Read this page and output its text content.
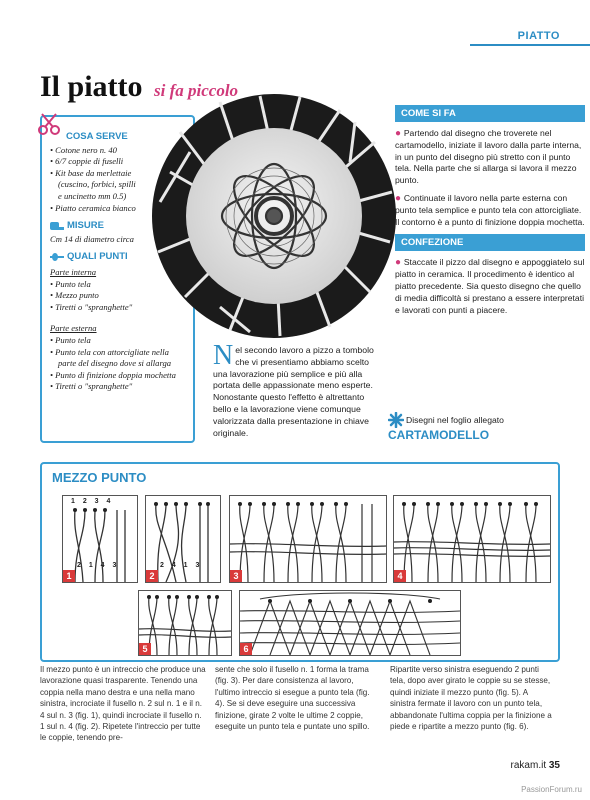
PIATTO
Il piatto si fa piccolo
COSA SERVE
• Cotone nero n. 40
• 6/7 coppie di fuselli
• Kit base da merlettaie
(cuscino, forbici, spilli
e uncinetto mm 0.5)
• Piatto ceramica bianco
MISURE
Cm 14 di diametro circa
QUALI PUNTI
Parte interna
• Punto tela
• Mezzo punto
• Tiretti o "spranghette"
Parte esterna
• Punto tela
• Punto tela con attorcigliate nella
parte del disegno dove si allarga
• Punto di finizione doppia mochetta
• Tiretti o "spranghette"
COME SI FA
● Partendo dal disegno che troverete nel cartamodello, iniziate il lavoro dalla parte interna, in un punto del disegno più stretto con il punto tela. Nella parte che si allarga si lavora il mezzo punto.
● Continuate il lavoro nella parte esterna con punto tela semplice e punto tela con attorcigliate. Il contorno è a punto di finizione doppia mochetta.
CONFEZIONE
● Staccate il pizzo dal disegno e appoggiatelo sul piatto in ceramica. Il procedimento è identico al piatto precedente. Sia questo disegno che quello di media difficoltà si prestano a essere interpretati e lavorati con punti a piacere.
Nel secondo lavoro a pizzo a tombolo che vi presentiamo abbiamo scelto una lavorazione più semplice e più alla portata delle appassionate meno esperte. Nonostante questo l'effetto è altrettanto bello e la lavorazione viene comunque valorizzata dalla presentazione in chiave originale.
Disegni nel foglio allegato
CARTAMODELLO
MEZZO PUNTO
1 2 3 4
2 1 4 3
1
2 4 1 3
2	3	4
5	6
Il mezzo punto è un intreccio che produce una lavorazione quasi trasparente. Tenendo una coppia nella mano destra e una nella mano sinistra, incrociate il fusello n. 2 sul n. 1 e il n. 4 sul n. 3 (fig. 1), quindi incrociate il fusello n. 1 sul n. 4 (fig. 2). Ripetete l'intreccio per tutte le coppie, tenendo pre-
sente che solo il fusello n. 1 forma la trama (fig. 3). Per dare consistenza al lavoro, l'ultimo intreccio si esegue a punto tela (fig. 4). Se si deve eseguire una successiva finizione, girate 2 volte le ultime 2 coppie, eseguite un punto tela e puntate uno spillo.
Ripartite verso sinistra eseguendo 2 punti tela, dopo aver girato le coppie su se stesse, quindi iniziate il mezzo punto (fig. 5). A sinistra fermate il lavoro con un punto tela, abbandonate l'ultima coppia per la finizione a piede e ripartite a mezzo punto (fig. 6).
rakam.it 35
PassionForum.ru
